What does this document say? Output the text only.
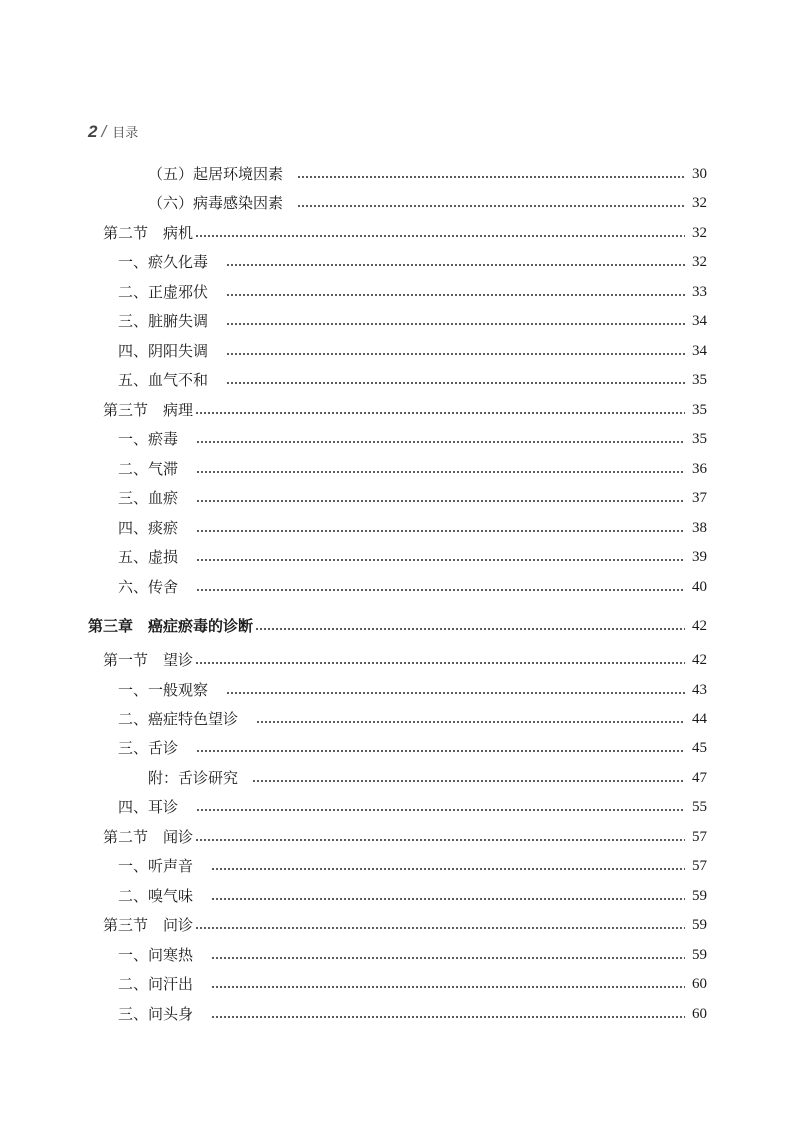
2 / 目录
（五）起居环境因素	30
（六）病毒感染因素	32
第二节　病机	32
一、瘀久化毒	32
二、正虚邪伏	33
三、脏腑失调	34
四、阴阳失调	34
五、血气不和	35
第三节　病理	35
一、瘀毒	35
二、气滞	36
三、血瘀	37
四、痰瘀	38
五、虚损	39
六、传舍	40
第三章　癌症瘀毒的诊断	42
第一节　望诊	42
一、一般观察	43
二、癌症特色望诊	44
三、舌诊	45
附：舌诊研究	47
四、耳诊	55
第二节　闻诊	57
一、听声音	57
二、嗅气味	59
第三节　问诊	59
一、问寒热	59
二、问汗出	60
三、问头身	60
